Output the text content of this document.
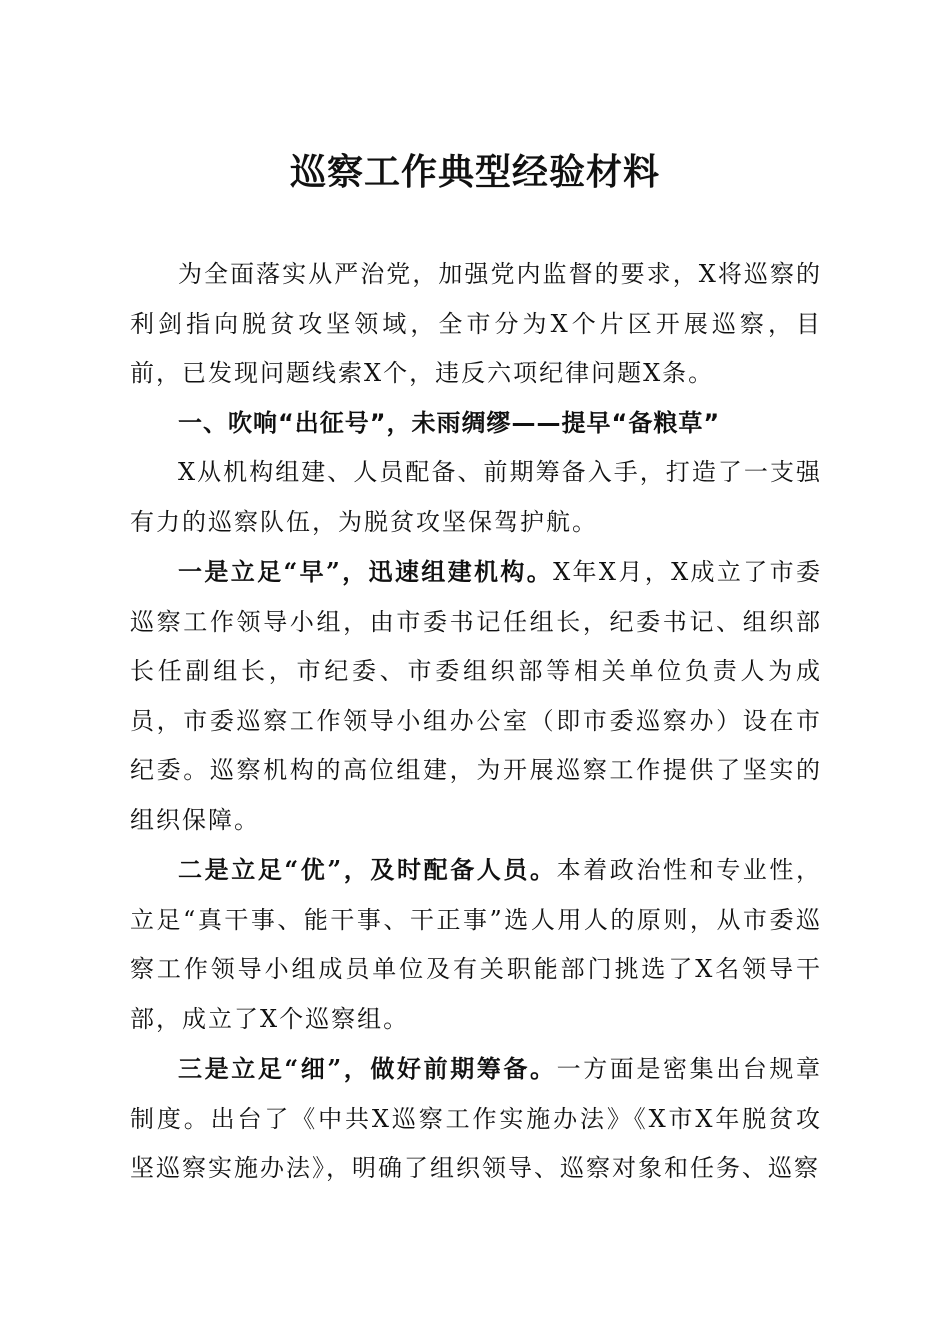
巡察工作典型经验材料

为全面落实从严治党，加强党内监督的要求，X将巡察的利剑指向脱贫攻坚领域，全市分为X个片区开展巡察，目前，已发现问题线索X个，违反六项纪律问题X条。

一、吹响“出征号”，未雨绸缪——提早“备粮草”

X从机构组建、人员配备、前期筹备入手，打造了一支强有力的巡察队伍，为脱贫攻坚保驾护航。

一是立足“早”，迅速组建机构。X年X月，X成立了市委巡察工作领导小组，由市委书记任组长，纪委书记、组织部长任副组长，市纪委、市委组织部等相关单位负责人为成员，市委巡察工作领导小组办公室（即市委巡察办）设在市纪委。巡察机构的高位组建，为开展巡察工作提供了坚实的组织保障。

二是立足“优”，及时配备人员。本着政治性和专业性，立足“真干事、能干事、干正事”选人用人的原则，从市委巡察工作领导小组成员单位及有关职能部门挑选了X名领导干部，成立了X个巡察组。

三是立足“细”，做好前期筹备。一方面是密集出台规章制度。出台了《中共X巡察工作实施办法》《X市X年脱贫攻坚巡察实施办法》，明确了组织领导、巡察对象和任务、巡察
